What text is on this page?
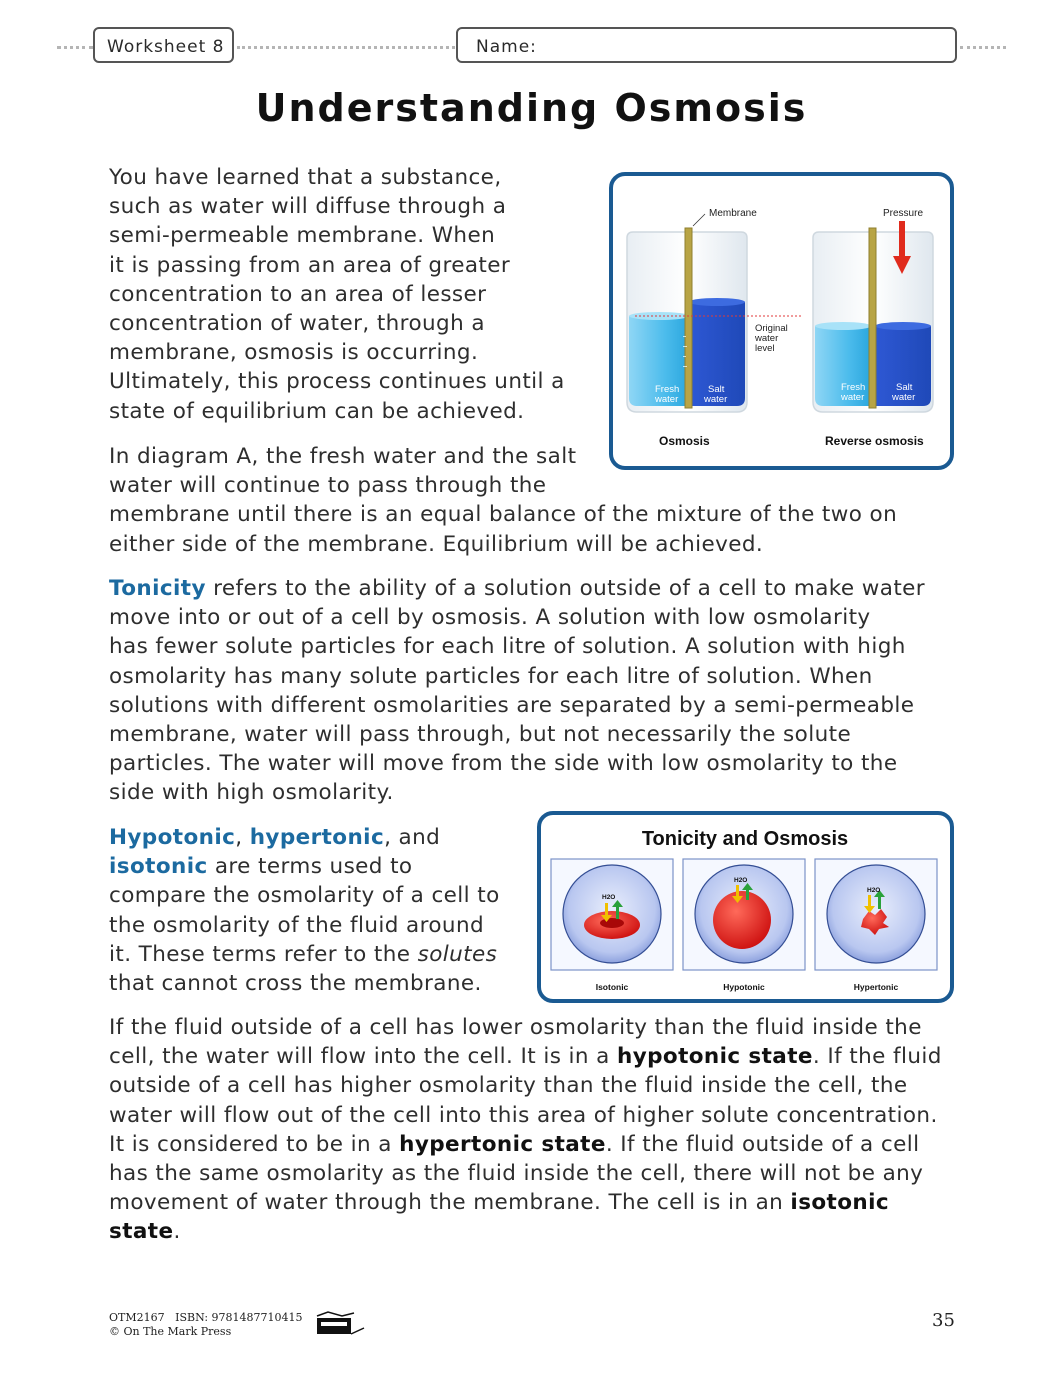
Worksheet 8	Name:
Understanding Osmosis
You have learned that a substance,
such as water will diffuse through a
semi-permeable membrane. When
it is passing from an area of greater
concentration to an area of lesser
concentration of water, through a
membrane, osmosis is occurring.
Ultimately, this process continues until a
state of equilibrium can be achieved.
In diagram A, the fresh water and the salt
water will continue to pass through the
membrane until there is an equal balance of the mixture of the two on
either side of the membrane. Equilibrium will be achieved.
Membrane	Pressure
Original
water
level
Fresh
water
Salt
water
Fresh
water
Salt
water
Osmosis	Reverse osmosis
Tonicity refers to the ability of a solution outside of a cell to make water
move into or out of a cell by osmosis. A solution with low osmolarity
has fewer solute particles for each litre of solution. A solution with high
osmolarity has many solute particles for each litre of solution. When
solutions with different osmolarities are separated by a semi-permeable
membrane, water will pass through, but not necessarily the solute
particles. The water will move from the side with low osmolarity to the
side with high osmolarity.
Hypotonic, hypertonic, and
isotonic are terms used to
compare the osmolarity of a cell to
the osmolarity of the fluid around
it. These terms refer to the solutes
that cannot cross the membrane.
Tonicity and Osmosis
H2O
Isotonic
H2O
Hypotonic
H2O
Hypertonic
If the fluid outside of a cell has lower osmolarity than the fluid inside the
cell, the water will flow into the cell. It is in a hypotonic state. If the fluid
outside of a cell has higher osmolarity than the fluid inside the cell, the
water will flow out of the cell into this area of higher solute concentration.
It is considered to be in a hypertonic state. If the fluid outside of a cell
has the same osmolarity as the fluid inside the cell, there will not be any
movement of water through the membrane. The cell is in an isotonic
state.
OTM2167 ISBN: 9781487710415
© On The Mark Press
35
